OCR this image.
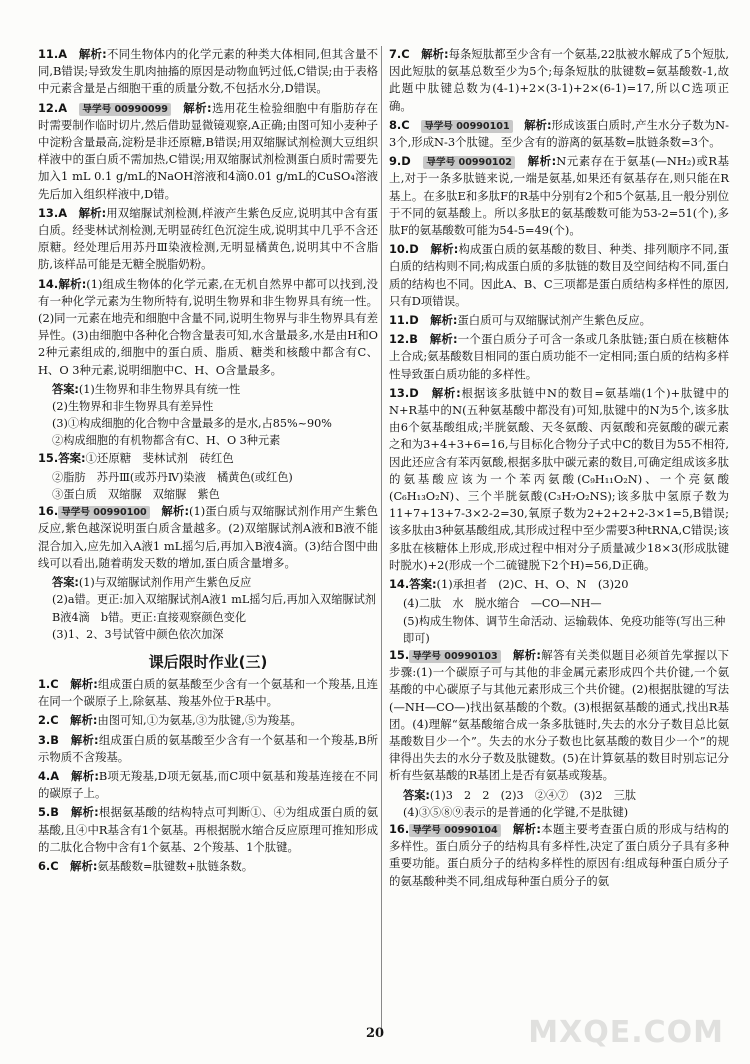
11.A　 解析:不同生物体内的化学元素的种类大体相同,但其含量不同,B错误;导致发生肌肉抽搐的原因是动物血钙过低,C错误;由于表格中元素含量是占细胞干重的质量分数,不包括水分,D错误。

12.A　 导学号 00990099　 解析:选用花生检验细胞中有脂肪存在时需要制作临时切片,然后借助显微镜观察,A正确;由图可知小麦种子中淀粉含量最高,淀粉是非还原糖,B错误;用双缩脲试剂检测大豆组织样液中的蛋白质不需加热,C错误;用双缩脲试剂检测蛋白质时需要先加入1 mL 0.1 g/mL的NaOH溶液和4滴0.01 g/mL的CuSO₄溶液先后加入组织样液中,D错。

13.A　 解析:用双缩脲试剂检测,样液产生紫色反应,说明其中含有蛋白质。经斐林试剂检测,无明显砖红色沉淀生成,说明其中几乎不含还原糖。经处理后用苏丹Ⅲ染液检测,无明显橘黄色,说明其中不含脂肪,该样品可能是无糖全脱脂奶粉。

14.解析:(1)组成生物体的化学元素,在无机自然界中都可以找到,没有一种化学元素为生物所特有,说明生物界和非生物界具有统一性。(2)同一元素在地壳和细胞中含量不同,说明生物界与非生物界具有差异性。(3)由细胞中各种化合物含量表可知,水含量最多,水是由H和O 2种元素组成的,细胞中的蛋白质、脂质、糖类和核酸中都含有C、H、O 3种元素,说明细胞中C、H、O含量最多。

答案:(1)生物界和非生物界具有统一性

(2)生物界和非生物界具有差异性

(3)①构成细胞的化合物中含量最多的是水,占85%~90%

②构成细胞的有机物都含有C、H、O 3种元素

15.答案:①还原糖　斐林试剂　砖红色

②脂肪　苏丹Ⅲ(或苏丹Ⅳ)染液　橘黄色(或红色)

③蛋白质　双缩脲　双缩脲　紫色

16. 导学号 00990100　 解析:(1)蛋白质与双缩脲试剂作用产生紫色反应,紫色越深说明蛋白质含量越多。(2)双缩脲试剂A液和B液不能混合加入,应先加入A液1 mL摇匀后,再加入B液4滴。(3)结合图中曲线可以看出,随着萌发天数的增加,蛋白质含量增多。

答案:(1)与双缩脲试剂作用产生紫色反应

(2)a错。更正:加入双缩脲试剂A液1 mL摇匀后,再加入双缩脲试剂B液4滴　b错。更正:直接观察颜色变化

(3)1、2、3号试管中颜色依次加深

课后限时作业(三)

1.C　 解析:组成蛋白质的氨基酸至少含有一个氨基和一个羧基,且连在同一个碳原子上,除氨基、羧基外位于R基中。

2.C　 解析:由图可知,①为氨基,③为肽键,⑤为羧基。

3.B　 解析:组成蛋白质的氨基酸至少含有一个氨基和一个羧基,B所示物质不含羧基。

4.A　 解析:B项无羧基,D项无氨基,而C项中氨基和羧基连接在不同的碳原子上。

5.B　 解析:根据氨基酸的结构特点可判断①、④为组成蛋白质的氨基酸,且④中R基含有1个氨基。再根据脱水缩合反应原理可推知形成的二肽化合物中含有1个氨基、2个羧基、1个肽键。

6.C　 解析:氨基酸数=肽键数+肽链条数。

7.C　 解析:每条短肽都至少含有一个氨基,22肽被水解成了5个短肽,因此短肽的氨基总数至少为5个;每条短肽的肽键数=氨基酸数-1,故此题中肽键总数为(4-1)+2×(3-1)+2×(6-1)=17,所以C选项正确。

8.C　 导学号 00990101　 解析:形成该蛋白质时,产生水分子数为N-3个,形成N-3个肽键。至少含有的游离的氨基数=肽链条数=3个。

9.D　 导学号 00990102　 解析:N元素存在于氨基(—NH₂)或R基上,对于一条多肽链来说,一端是氨基,如果还有氨基存在,则只能在R基上。在多肽E和多肽F的R基中分别有2个和5个氨基,且一般分别位于不同的氨基酸上。所以多肽E的氨基酸数可能为53-2=51(个),多肽F的氨基酸数可能为54-5=49(个)。

10.D　 解析:构成蛋白质的氨基酸的数目、种类、排列顺序不同,蛋白质的结构则不同;构成蛋白质的多肽链的数目及空间结构不同,蛋白质的结构也不同。因此A、B、C三项都是蛋白质结构多样性的原因,只有D项错误。

11.D　 解析:蛋白质可与双缩脲试剂产生紫色反应。

12.B　 解析:一个蛋白质分子可含一条或几条肽链;蛋白质在核糖体上合成;氨基酸数目相同的蛋白质功能不一定相同;蛋白质的结构多样性导致蛋白质功能的多样性。

13.D　 解析:根据该多肽链中N的数目=氨基端(1个)+肽键中的N+R基中的N(五种氨基酸中都没有)可知,肽键中的N为5个,该多肽由6个氨基酸组成;半胱氨酸、天冬氨酸、丙氨酸和亮氨酸的碳元素之和为3+4+3+6=16,与目标化合物分子式中C的数目为55不相符,因此还应含有苯丙氨酸,根据多肽中碳元素的数目,可确定组成该多肽的氨基酸应该为一个苯丙氨酸(C₉H₁₁O₂N)、一个亮氨酸(C₆H₁₃O₂N)、三个半胱氨酸(C₃H₇O₂NS);该多肽中氢原子数为11+7+13+7-3×2-2=30,氧原子数为2+2+2+2-3×1=5,B错误;该多肽由3种氨基酸组成,其形成过程中至少需要3种tRNA,C错误;该多肽在核糖体上形成,形成过程中相对分子质量减少18×3(形成肽键时脱水)+2(形成一个二硫键脱下2个H)=56,D正确。

14.答案:(1)承担者　(2)C、H、O、N　(3)20

(4)二肽　水　脱水缩合　—CO—NH—

(5)构成生物体、调节生命活动、运输载体、免疫功能等(写出三种即可)

15. 导学号 00990103　 解析:解答有关类似题目必须首先掌握以下步骤:(1)一个碳原子可与其他的非金属元素形成四个共价键,一个氨基酸的中心碳原子与其他元素形成三个共价键。(2)根据肽键的写法(—NH—CO—)找出氨基酸的个数。(3)根据氨基酸的通式,找出R基团。(4)理解“氨基酸缩合成一条多肽链时,失去的水分子数目总比氨基酸数目少一个”。失去的水分子数也比氨基酸的数目少一个”的规律得出失去的水分子数及肽键数。(5)在计算氨基的数目时别忘记分析有些氨基酸的R基团上是否有氨基或羧基。

答案:(1)3　2　2　(2)3　②④⑦　(3)2　三肽

(4)③⑤⑧⑨表示的是普通的化学键,不是肽键)

16. 导学号 00990104　 解析:本题主要考查蛋白质的形成与结构的多样性。蛋白质分子的结构具有多样性,决定了蛋白质分子具有多种重要功能。蛋白质分子的结构多样性的原因有:组成每种蛋白质分子的氨基酸种类不同,组成每种蛋白质分子的氨

20	MXQE.COM
